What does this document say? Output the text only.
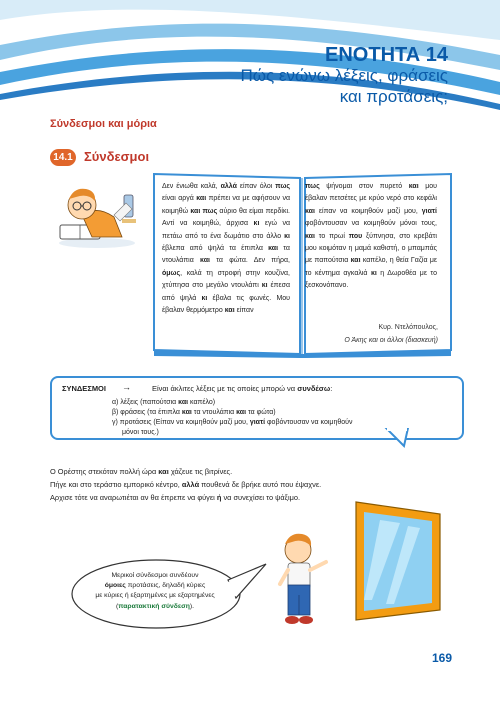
ΕΝΟΤΗΤΑ 14
Πώς ενώνω λέξεις, φράσεις
και προτάσεις;
Σύνδεσμοι και μόρια
14.1 Σύνδεσμοι
Δεν ένιωθα καλά, αλλά είπαν όλοι πως είναι αργά και πρέπει να με αφήσουν να κοιμηθώ και πως αύριο θα είμαι περδίκι. Αντί να κοιμηθώ, άρχισα κι εγώ να πετάω από το ένα δωμάτιο στο άλλο κι έβλεπα από ψηλά τα έπιπλα και τα ντουλάπια και τα φώτα. Δεν πήρα, όμως, καλά τη στροφή στην κουζίνα, χτύπησα στο μεγάλο ντουλάπι κι έπεσα από ψηλά κι έβαλα τις φωνές. Μου έβαλαν θερμόμετρο και είπαν
πως ψήνομαι στον πυρετό και μου έβαλαν πετσέτες με κρύο νερό στο κεφάλι και είπαν να κοιμηθούν μαζί μου, γιατί φοβόντουσαν να κοιμηθούν μόνοι τους, και το πρωί που ξύπνησα, στο κρεβάτι μου κοιμόταν η μαμά καθιστή, ο μπαμπάς με παπούτσια και καπέλο, η θεία Γαζία με το κέντημα αγκαλιά κι η Δωροθέα με το ξεσκονόπανο.
Κυρ. Ντελόπουλος,
Ο Άκης και οι άλλοι (διασκευή)
ΣΥΝΔΕΣΜΟΙ →	Είναι άκλιτες λέξεις με τις οποίες μπορώ να συνδέσω:
α) λέξεις (παπούτσια και καπέλο)
β) φράσεις (τα έπιπλα και τα ντουλάπια και τα φώτα)
γ) προτάσεις (Είπαν να κοιμηθούν μαζί μου, γιατί φοβόντουσαν να κοιμηθούν
μόνοι τους.)
Ο Ορέστης στεκόταν πολλή ώρα και χάζευε τις βιτρίνες.
Πήγε και στο τεράστιο εμπορικό κέντρο, αλλά πουθενά δε βρήκε αυτό που έψαχνε.
Αρχισε τότε να αναρωτιέται αν θα έπρεπε να φύγει ή να συνεχίσει το ψάξιμο.
Μερικοί σύνδεσμοι συνδέουν
όμοιες προτάσεις, δηλαδή κύριες
με κύριες ή εξαρτημένες με εξαρτημένες
(παρατακτική σύνδεση).
169
